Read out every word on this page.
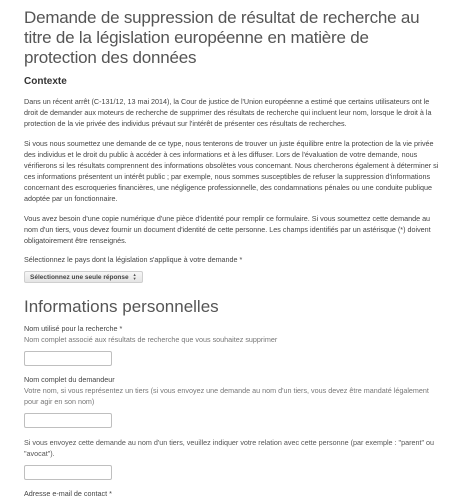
Demande de suppression de résultat de recherche au titre de la législation européenne en matière de protection des données
Contexte

Dans un récent arrêt (C-131/12, 13 mai 2014), la Cour de justice de l'Union européenne a estimé que certains utilisateurs ont le droit de demander aux moteurs de recherche de supprimer des résultats de recherche qui incluent leur nom, lorsque le droit à la protection de la vie privée des individus prévaut sur l'intérêt de présenter ces résultats de recherches.

Si vous nous soumettez une demande de ce type, nous tenterons de trouver un juste équilibre entre la protection de la vie privée des individus et le droit du public à accéder à ces informations et à les diffuser. Lors de l'évaluation de votre demande, nous vérifierons si les résultats comprennent des informations obsolètes vous concernant. Nous chercherons également à déterminer si ces informations présentent un intérêt public ; par exemple, nous sommes susceptibles de refuser la suppression d'informations concernant des escroqueries financières, une négligence professionnelle, des condamnations pénales ou une conduite publique adoptée par un fonctionnaire.

Vous avez besoin d'une copie numérique d'une pièce d'identité pour remplir ce formulaire. Si vous soumettez cette demande au nom d'un tiers, vous devez fournir un document d'identité de cette personne. Les champs identifiés par un astérisque (*) doivent obligatoirement être renseignés.

Sélectionnez le pays dont la législation s'applique à votre demande *

Sélectionnez une seule réponse ▲
▼
Informations personnelles

Nom utilisé pour la recherche *

Nom complet associé aux résultats de recherche que vous souhaitez supprimer

Nom complet du demandeur

Votre nom, si vous représentez un tiers (si vous envoyez une demande au nom d'un tiers, vous devez être mandaté légalement pour agir en son nom)

Si vous envoyez cette demande au nom d'un tiers, veuillez indiquer votre relation avec cette personne (par exemple : "parent" ou "avocat").

Adresse e-mail de contact *
